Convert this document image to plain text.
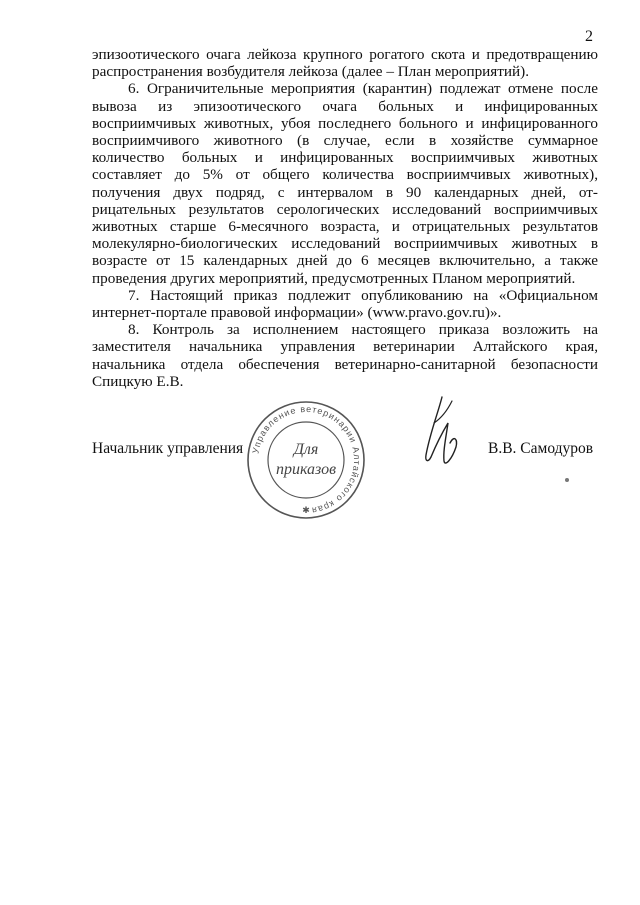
2
эпизоотического очага лейкоза крупного рогатого скота и предотвращению
распространения возбудителя лейкоза (далее – План мероприятий).
6. Ограничительные мероприятия (карантин) подлежат отмене после
вывоза из эпизоотического очага больных и инфицированных
восприимчивых животных, убоя последнего больного и инфицированного
восприимчивого животного (в случае, если в хозяйстве суммарное
количество больных и инфицированных восприимчивых животных
составляет до 5% от общего количества восприимчивых животных),
получения двух подряд, с интервалом в 90 календарных дней, от-
рицательных результатов серологических исследований восприимчивых
животных старше 6-месячного возраста, и отрицательных результатов
молекулярно-биологических исследований восприимчивых животных в
возрасте от 15 календарных дней до 6 месяцев включительно, а также
проведения других мероприятий, предусмотренных Планом мероприятий.
7. Настоящий приказ подлежит опубликованию на «Официальном
интернет-портале правовой информации» (www.pravo.gov.ru)».
8. Контроль за исполнением настоящего приказа возложить на
заместителя начальника управления ветеринарии Алтайского края,
начальника отдела обеспечения ветеринарно-санитарной безопасности
Спицкую Е.В.
Начальник управления Управление ветеринарии Алтайского края
Для
приказов
✱
В.В. Самодуров
